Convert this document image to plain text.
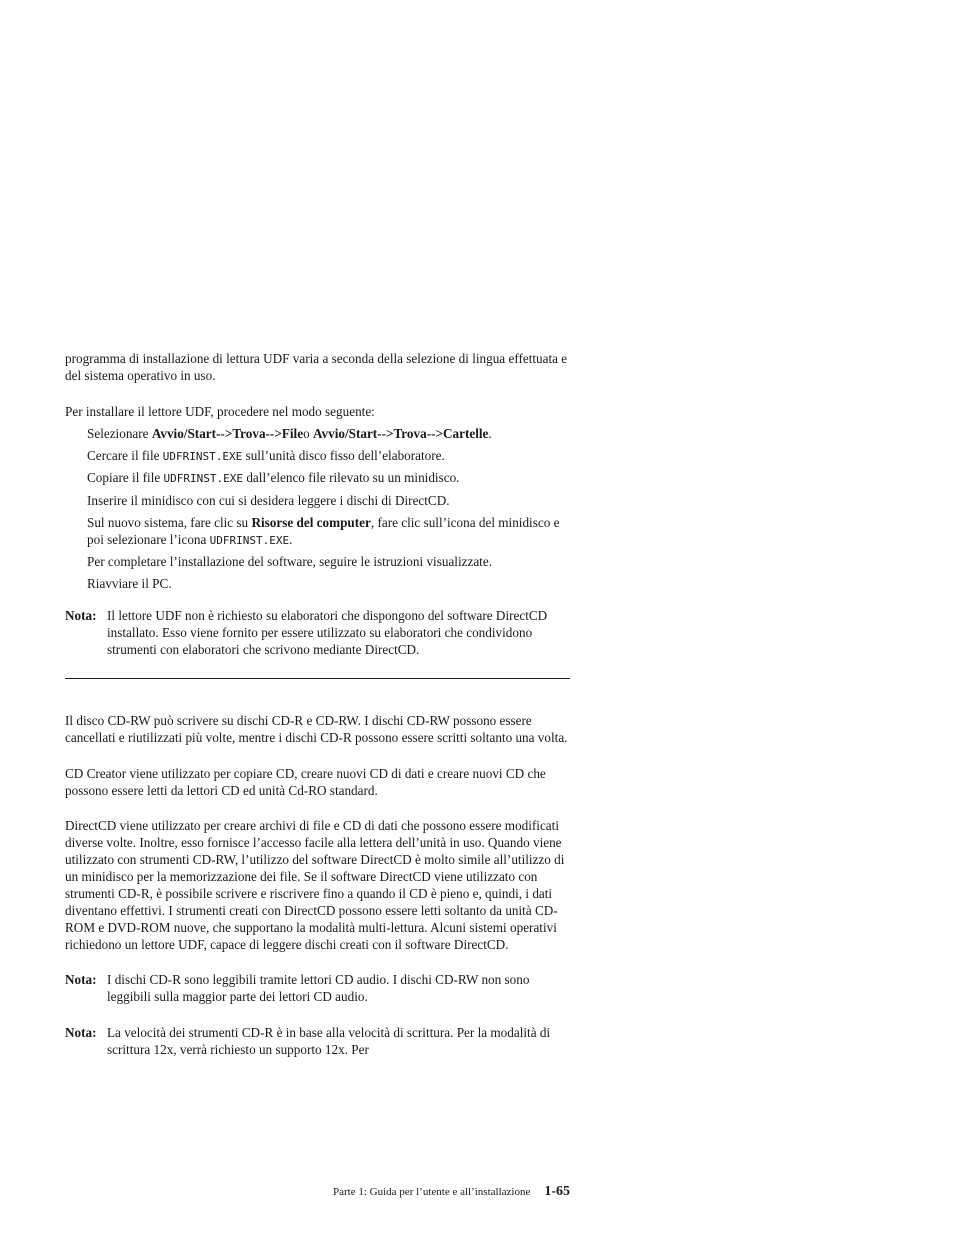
programma di installazione di lettura UDF varia a seconda della selezione di lingua effettuata e del sistema operativo in uso.

Per installare il lettore UDF, procedere nel modo seguente:

Selezionare Avvio/Start-->Trova-->Fileo Avvio/Start-->Trova-->Cartelle.
Cercare il file UDFRINST.EXE sull’unità disco fisso dell’elaboratore.
Copiare il file UDFRINST.EXE dall’elenco file rilevato su un minidisco.
Inserire il minidisco con cui si desidera leggere i dischi di DirectCD.
Sul nuovo sistema, fare clic su Risorse del computer, fare clic sull’icona del minidisco e poi selezionare l’icona UDFRINST.EXE.
Per completare l’installazione del software, seguire le istruzioni visualizzate.
Riavviare il PC.
Nota: Il lettore UDF non è richiesto su elaboratori che dispongono del software DirectCD installato. Esso viene fornito per essere utilizzato su elaboratori che condividono strumenti con elaboratori che scrivono mediante DirectCD.

Il disco CD-RW può scrivere su dischi CD-R e CD-RW. I dischi CD-RW possono essere cancellati e riutilizzati più volte, mentre i dischi CD-R possono essere scritti soltanto una volta.

CD Creator viene utilizzato per copiare CD, creare nuovi CD di dati e creare nuovi CD che possono essere letti da lettori CD ed unità Cd-RO standard.

DirectCD viene utilizzato per creare archivi di file e CD di dati che possono essere modificati diverse volte. Inoltre, esso fornisce l’accesso facile alla lettera dell’unità in uso. Quando viene utilizzato con strumenti CD-RW, l’utilizzo del software DirectCD è molto simile all’utilizzo di un minidisco per la memorizzazione dei file. Se il software DirectCD viene utilizzato con strumenti CD-R, è possibile scrivere e riscrivere fino a quando il CD è pieno e, quindi, i dati diventano effettivi. I strumenti creati con DirectCD possono essere letti soltanto da unità CD-ROM e DVD-ROM nuove, che supportano la modalità multi-lettura. Alcuni sistemi operativi richiedono un lettore UDF, capace di leggere dischi creati con il software DirectCD.

Nota: I dischi CD-R sono leggibili tramite lettori CD audio. I dischi CD-RW non sono leggibili sulla maggior parte dei lettori CD audio.
Nota: La velocità dei strumenti CD-R è in base alla velocità di scrittura. Per la modalità di scrittura 12x, verrà richiesto un supporto 12x. Per
Parte 1: Guida per l’utente e all’installazione 1-65
